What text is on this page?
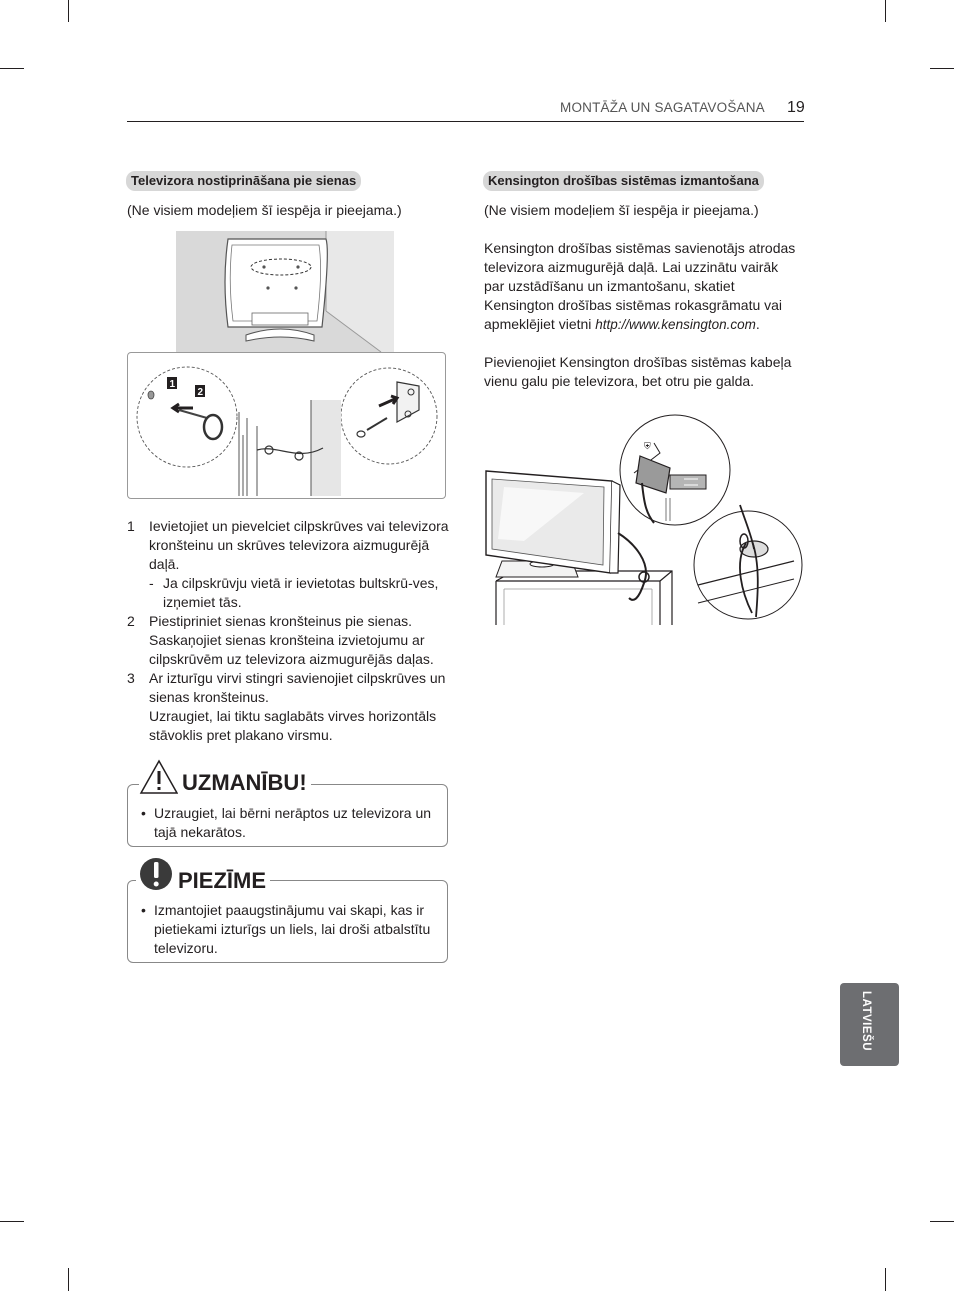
MONTĀŽA UN SAGATAVOŠANA 19
Televizora nostiprināšana pie sienas
(Ne visiem modeļiem šī iespēja ir pieejama.)
1
2
1 Ievietojiet un pievelciet cilpskrūves vai televizora kronšteinu un skrūves televizora aizmugurējā daļā.
- Ja cilpskrūvju vietā ir ievietotas bultskrū-ves, izņemiet tās.
2 Piestipriniet sienas kronšteinus pie sienas. Saskaņojiet sienas kronšteina izvietojumu ar cilpskrūvēm uz televizora aizmugurējās daļas.
3 Ar izturīgu virvi stingri savienojiet cilpskrūves un sienas kronšteinus.
Uzraugiet, lai tiktu saglabāts virves horizontāls stāvoklis pret plakano virsmu.
UZMANĪBU!
• Uzraugiet, lai bērni nerāptos uz televizora un tajā nekarātos.
PIEZĪME
• Izmantojiet paaugstinājumu vai skapi, kas ir pietiekami izturīgs un liels, lai droši atbalstītu televizoru.
Kensington drošības sistēmas izmantošana
(Ne visiem modeļiem šī iespēja ir pieejama.)
Kensington drošības sistēmas savienotājs atrodas televizora aizmugurējā daļā. Lai uzzinātu vairāk par uzstādīšanu un izmantošanu, skatiet Kensington drošības sistēmas rokasgrāmatu vai apmeklējiet vietni http://www.kensington.com.
Pievienojiet Kensington drošības sistēmas kabeļa vienu galu pie televizora, bet otru pie galda.
⛨
LATVIEŠU
